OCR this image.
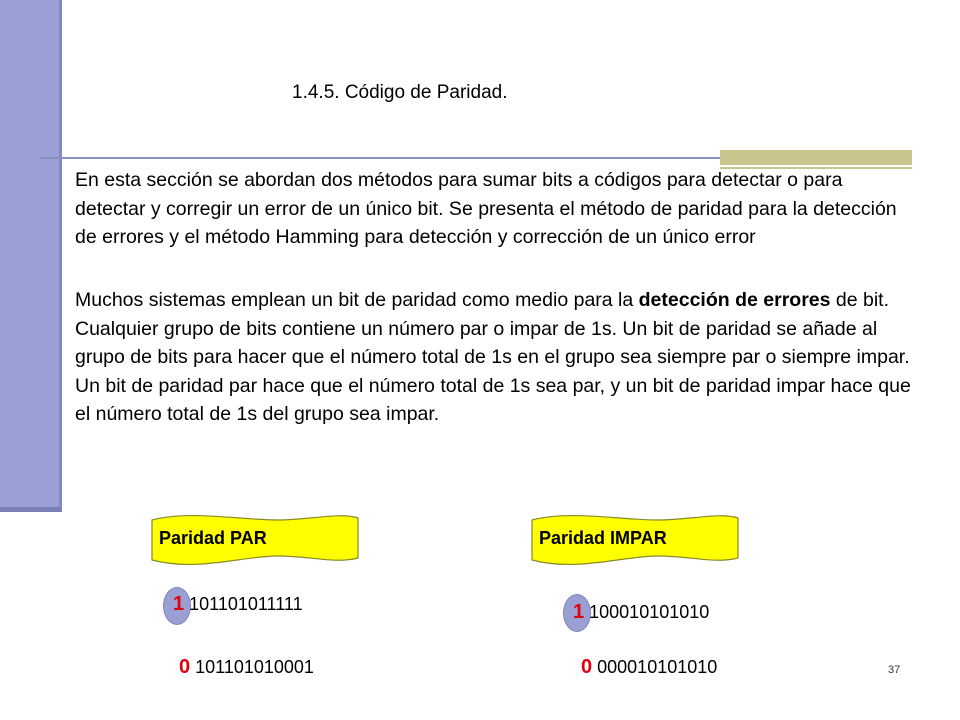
1.4.5. Código de Paridad.

En esta sección se abordan dos métodos para sumar bits a códigos para detectar o para detectar y corregir un error de un único bit. Se presenta el método de paridad para la detección de errores y el método Hamming para detección y corrección de un único error

Muchos sistemas emplean un bit de paridad como medio para la detección de errores de bit. Cualquier grupo de bits contiene un número par o impar de 1s. Un bit de paridad se añade al grupo de bits para hacer que el número total de 1s en el grupo sea siempre par o siempre impar. Un bit de paridad par hace que el número total de 1s sea par, y un bit de paridad impar hace que el número total de 1s del grupo sea impar.

Paridad PAR	Paridad IMPAR
1 101101011111
0 101101010001
1 100010101010
0 000010101010	37
